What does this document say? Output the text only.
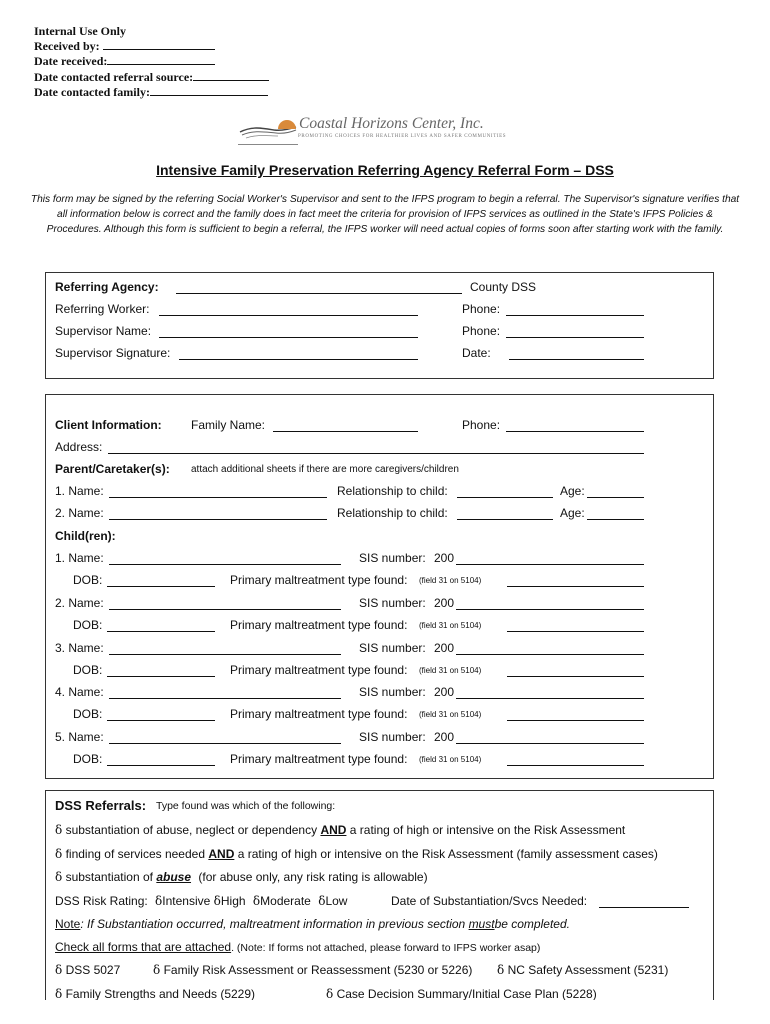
Internal Use Only
Received by:
Date received:
Date contacted referral source:
Date contacted family:
Coastal Horizons Center, Inc.
PROMOTING CHOICES FOR HEALTHIER LIVES AND SAFER COMMUNITIES
Intensive Family Preservation Referring Agency Referral Form – DSS
This form may be signed by the referring Social Worker's Supervisor and sent to the IFPS program to begin a referral. The Supervisor's signature verifies that all information below is correct and the family does in fact meet the criteria for provision of IFPS services as outlined in the State's IFPS Policies & Procedures. Although this form is sufficient to begin a referral, the IFPS worker will need actual copies of forms soon after starting work with the family.
Referring Agency:	County DSS
Referring Worker:	Phone:
Supervisor Name:	Phone:
Supervisor Signature:	Date:
Client Information: Family Name:	Phone:
Address:
Parent/Caretaker(s): attach additional sheets if there are more caregivers/children
1. Name:	Relationship to child:	Age:
2. Name:	Relationship to child:	Age:
Child(ren):
1. Name:	SIS number: 200
DOB:	Primary maltreatment type found: (field 31 on 5104)
2. Name:	SIS number: 200
DOB:	Primary maltreatment type found: (field 31 on 5104)
3. Name:	SIS number: 200
DOB:	Primary maltreatment type found: (field 31 on 5104)
4. Name:	SIS number: 200
DOB:	Primary maltreatment type found: (field 31 on 5104)
5. Name:	SIS number: 200
DOB:	Primary maltreatment type found: (field 31 on 5104)
DSS Referrals: Type found was which of the following:
δ substantiation of abuse, neglect or dependency AND a rating of high or intensive on the Risk Assessment
δ finding of services needed AND a rating of high or intensive on the Risk Assessment (family assessment cases)
δ substantiation of abuse (for abuse only, any risk rating is allowable)
DSS Risk Rating: δIntensive δHigh δModerate δLow	Date of Substantiation/Svcs Needed:
Note: If Substantiation occurred, maltreatment information in previous section mustbe completed.
Check all forms that are attached. (Note: If forms not attached, please forward to IFPS worker asap)
δ DSS 5027	δ Family Risk Assessment or Reassessment (5230 or 5226) δ NC Safety Assessment (5231)
δ Family Strengths and Needs (5229)	δ Case Decision Summary/Initial Case Plan (5228)
